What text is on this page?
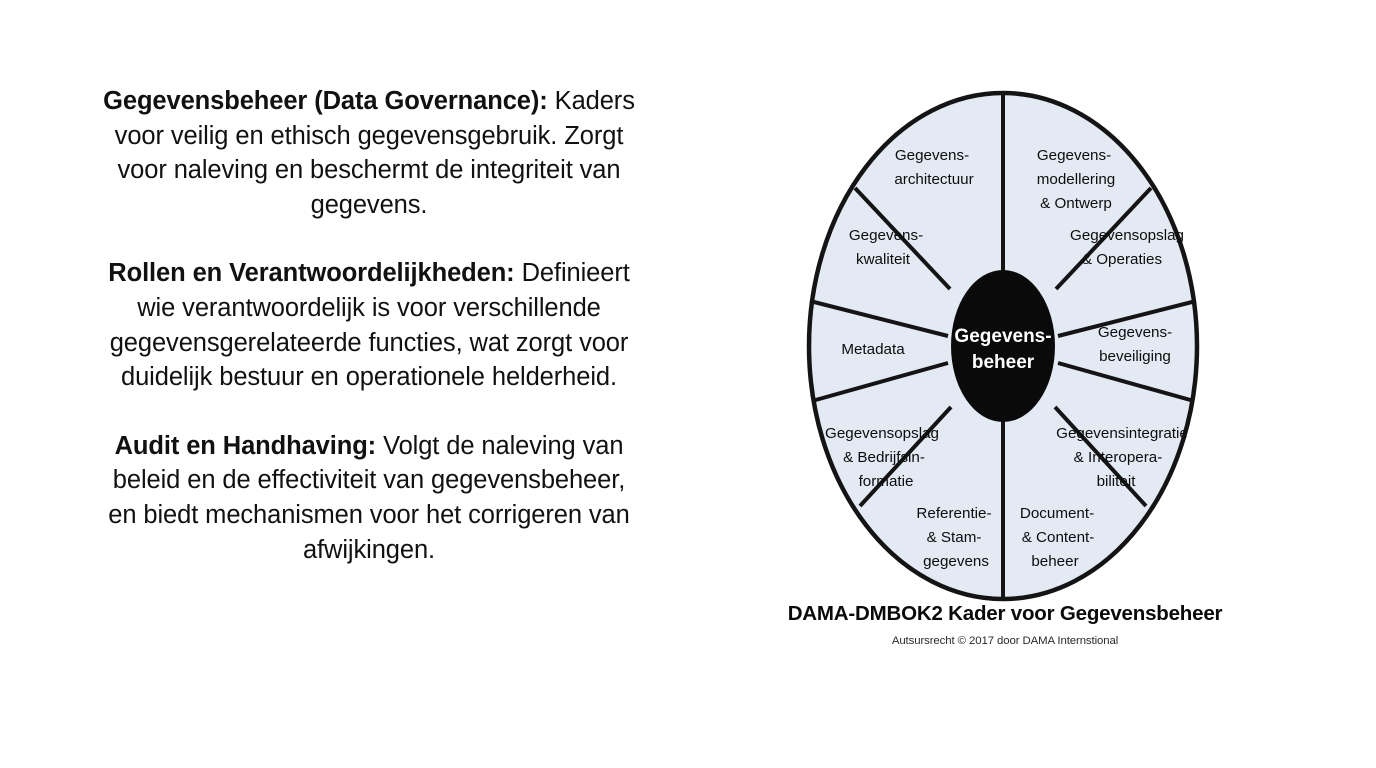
Gegevensbeheer (Data Governance): Kaders voor veilig en ethisch gegevensgebruik. Zorgt voor naleving en beschermt de integriteit van gegevens.

Rollen en Verantwoordelijkheden: Definieert wie verantwoordelijk is voor verschillende gegevensgerelateerde functies, wat zorgt voor duidelijk bestuur en operationele helderheid.

Audit en Handhaving: Volgt de naleving van beleid en de effectiviteit van gegevensbeheer, en biedt mechanismen voor het corrigeren van afwijkingen.

Gegevens-
modellering
& Ontwerp
Gegevensopslag
& Operaties
Gegevens-
beveiliging
Gegevensintegratie
& Interopera-
biliteit
Document-
& Content-
beheer
Referentie-
& Stam-
gegevens
Gegevensopslag
& Bedrijfsin-
formatie
Metadata
Gegevens-
kwaliteit
Gegevens-
architectuur
Gegevens-
beheer
DAMA-DMBOK2 Kader voor Gegevensbeheer
Autsursrecht © 2017 door DAMA Internstional
